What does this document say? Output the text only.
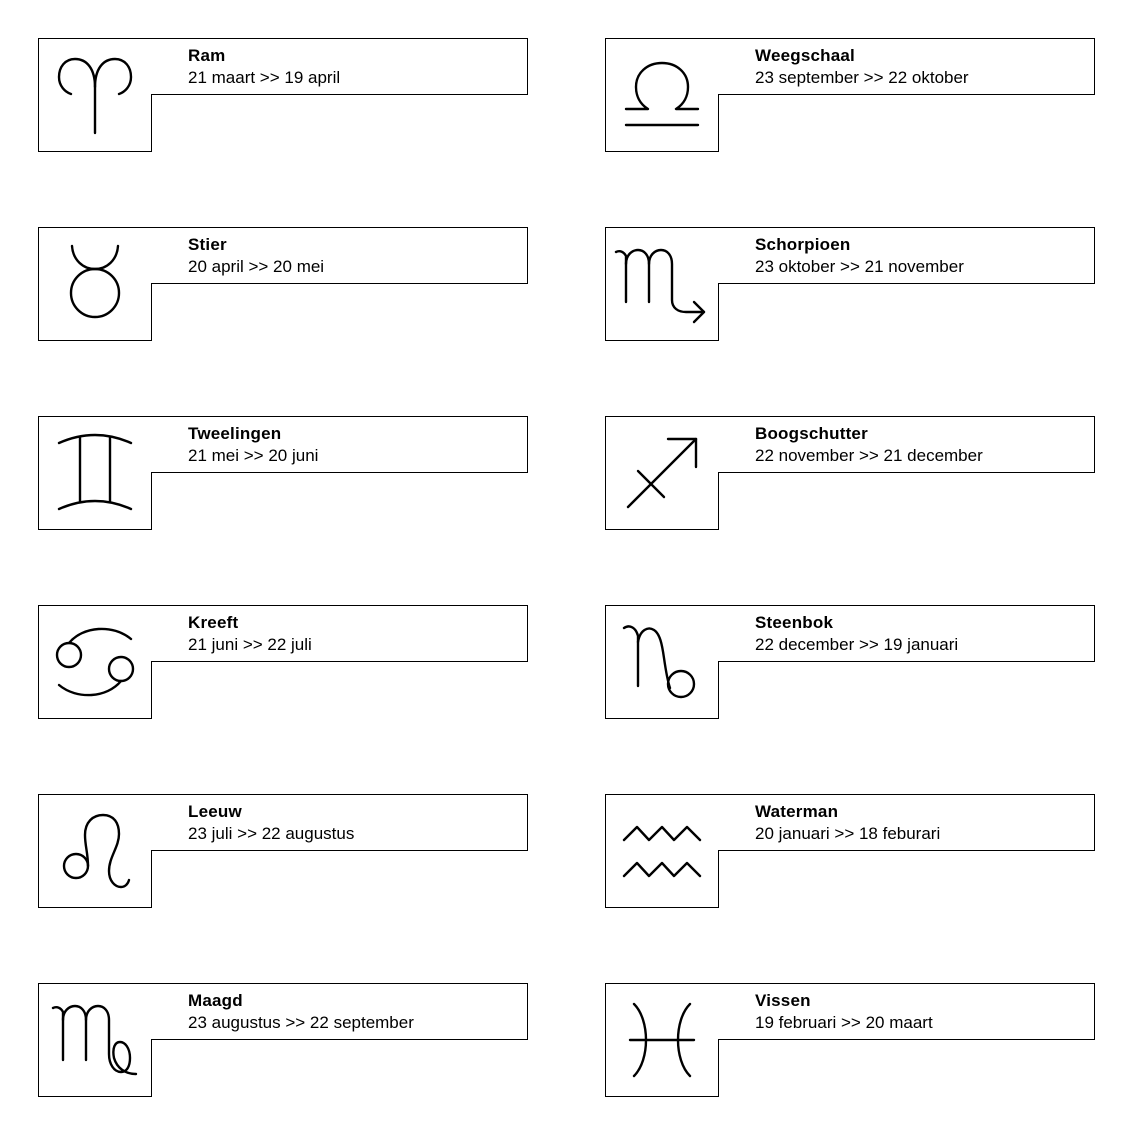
Ram
21 maart >> 19 april
Stier
20 april >> 20 mei
Tweelingen
21 mei >> 20 juni
Kreeft
21 juni >> 22 juli
Leeuw
23 juli >> 22 augustus
Maagd
23 augustus >> 22 september
Weegschaal
23 september >> 22 oktober
Schorpioen
23 oktober >> 21 november
Boogschutter
22 november >> 21 december
Steenbok
22 december >> 19 januari
Waterman
20 januari >> 18 feburari
Vissen
19 februari >> 20 maart
